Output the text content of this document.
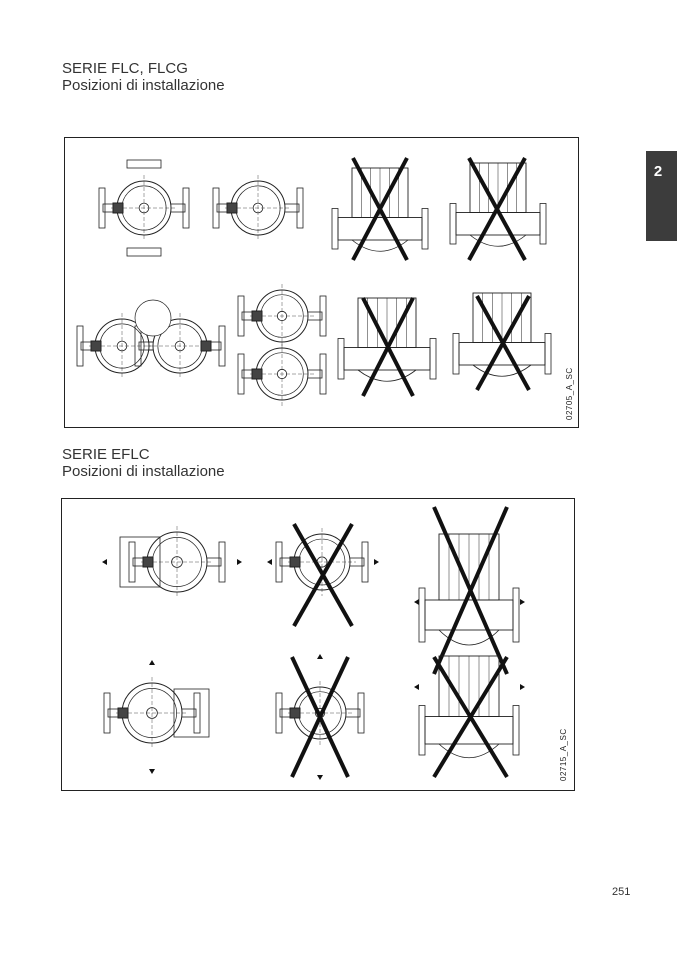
SERIE FLC, FLCG
Posizioni di installazione
02705_A_SC
2
SERIE EFLC
Posizioni di installazione
02715_A_SC
251
